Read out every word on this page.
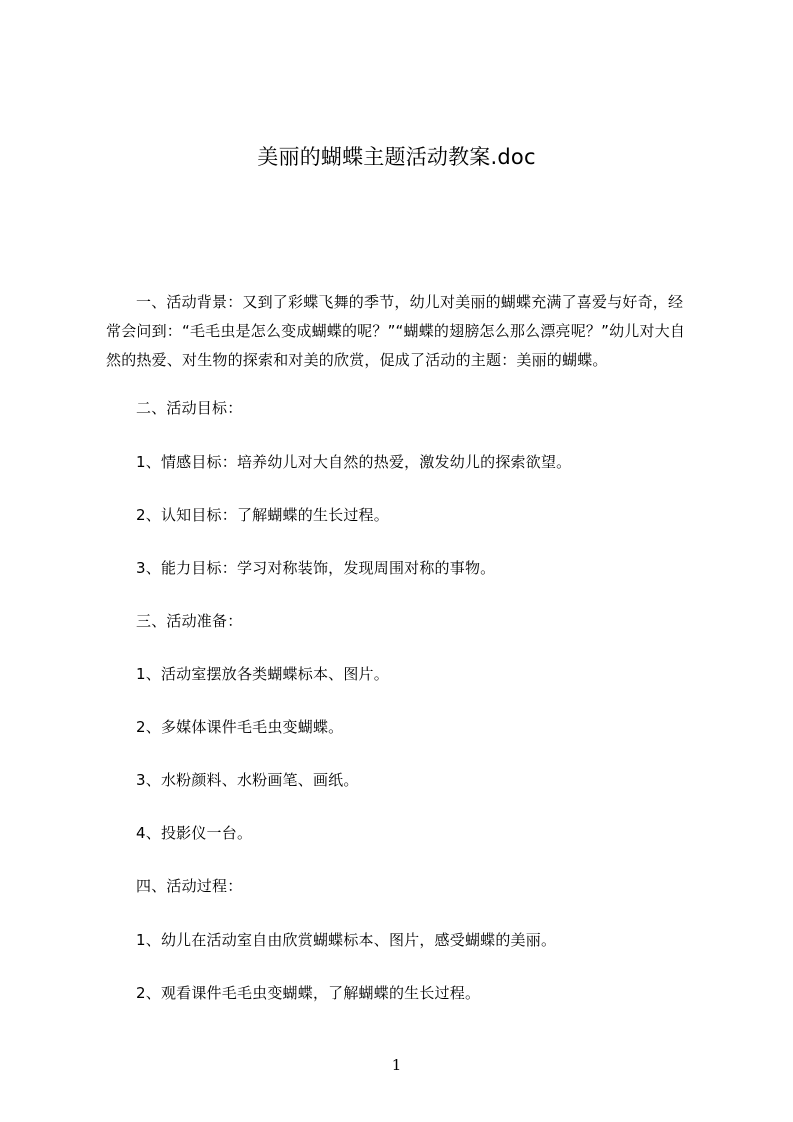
美丽的蝴蝶主题活动教案.doc

一、活动背景：又到了彩蝶飞舞的季节，幼儿对美丽的蝴蝶充满了喜爱与好奇，经常会问到：“毛毛虫是怎么变成蝴蝶的呢？”“蝴蝶的翅膀怎么那么漂亮呢？”幼儿对大自然的热爱、对生物的探索和对美的欣赏，促成了活动的主题：美丽的蝴蝶。

二、活动目标：
1、情感目标：培养幼儿对大自然的热爱，激发幼儿的探索欲望。
2、认知目标：了解蝴蝶的生长过程。
3、能力目标：学习对称装饰，发现周围对称的事物。
三、活动准备：
1、活动室摆放各类蝴蝶标本、图片。
2、多媒体课件毛毛虫变蝴蝶。
3、水粉颜料、水粉画笔、画纸。
4、投影仪一台。
四、活动过程：
1、幼儿在活动室自由欣赏蝴蝶标本、图片，感受蝴蝶的美丽。
2、观看课件毛毛虫变蝴蝶，了解蝴蝶的生长过程。
1
